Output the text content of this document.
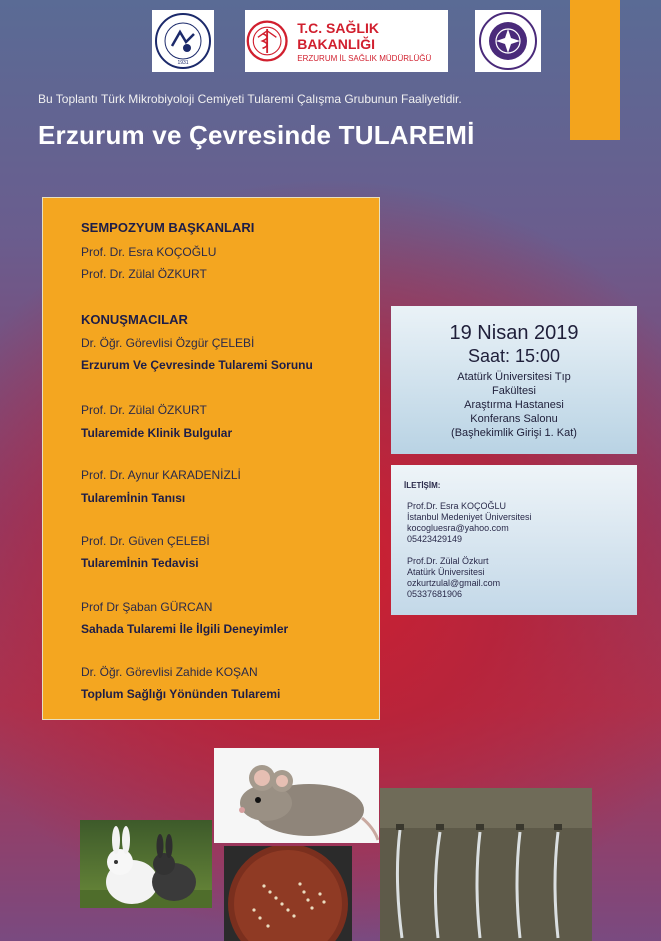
1931
T.C. SAĞLIK BAKANLIĞI
ERZURUM İL SAĞLIK MÜDÜRLÜĞÜ
Bu Toplantı Türk Mikrobiyoloji Cemiyeti Tularemi Çalışma Grubunun Faaliyetidir.
Erzurum ve Çevresinde TULAREMİ
SEMPOZYUM BAŞKANLARI
Prof. Dr. Esra KOÇOĞLU
Prof. Dr. Zülal ÖZKURT
KONUŞMACILAR
Dr. Öğr. Görevlisi Özgür ÇELEBİ
Erzurum Ve Çevresinde Tularemi Sorunu
Prof. Dr. Zülal ÖZKURT
Tularemide Klinik Bulgular
Prof. Dr. Aynur KARADENİZLİ
Tularemİnin Tanısı
Prof. Dr. Güven ÇELEBİ
Tularemİnin Tedavisi
Prof Dr Şaban GÜRCAN
Sahada Tularemi İle İlgili Deneyimler
Dr. Öğr. Görevlisi Zahide KOŞAN
Toplum Sağlığı Yönünden Tularemi
19 Nisan 2019
Saat: 15:00
Atatürk Üniversitesi Tıp
Fakültesi
Araştırma Hastanesi
Konferans Salonu
(Başhekimlik Girişi 1. Kat)
İLETİŞİM:
Prof.Dr. Esra KOÇOĞLU
İstanbul Medeniyet Üniversitesi
kocogluesra@yahoo.com
05423429149
Prof.Dr. Zülal Özkurt
Atatürk Üniversitesi
ozkurtzulal@gmail.com
05337681906
